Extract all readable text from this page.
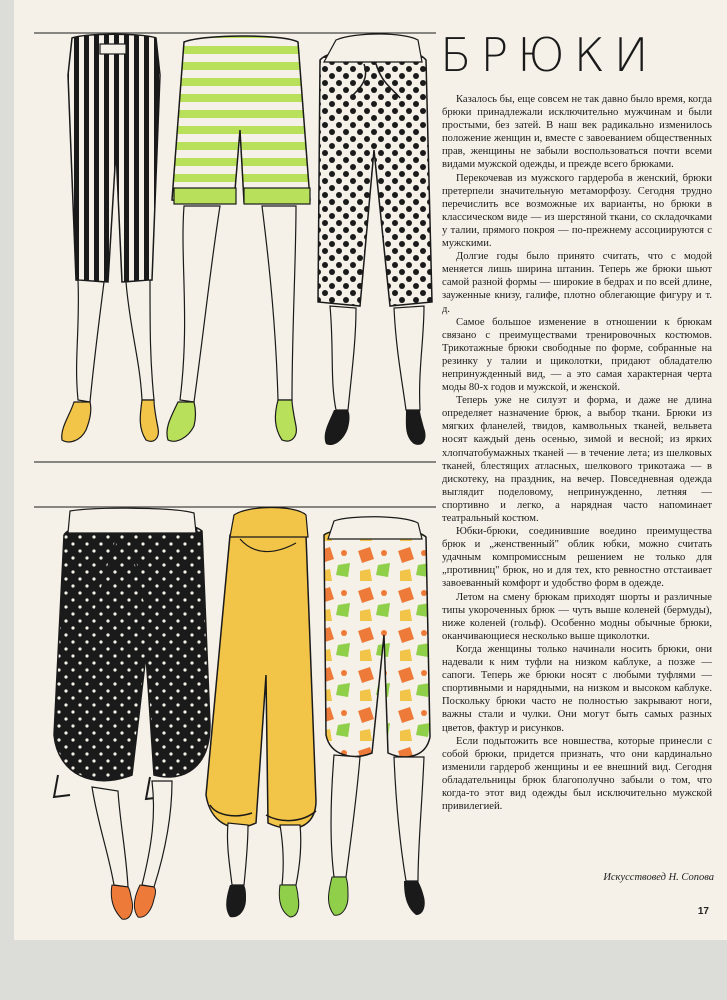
БРЮКИ

Казалось бы, еще совсем не так давно было время, когда брюки принадлежали исключительно мужчинам и были простыми, без затей. В наш век радикально изменилось положение женщин и, вместе с завоеванием общественных прав, женщины не забыли воспользоваться почти всеми видами мужской одежды, и прежде всего брюками.

Перекочевав из мужского гардероба в женский, брюки претерпели значительную метаморфозу. Сегодня трудно перечислить все возможные их варианты, но брюки в классическом виде — из шерстяной ткани, со складочками у талии, прямого покроя — по-прежнему ассоциируются с мужскими.

Долгие годы было принято считать, что с модой меняется лишь ширина штанин. Теперь же брюки шьют самой разной формы — широкие в бедрах и по всей длине, зауженные книзу, галифе, плотно облегающие фигуру и т. д.

Самое большое изменение в отношении к брюкам связано с преимуществами тренировочных костюмов. Трикотажные брюки свободные по форме, собранные на резинку у талии и щиколотки, придают обладателю непринужденный вид, — а это самая характерная черта моды 80-х годов и мужской, и женской.

Теперь уже не силуэт и форма, и даже не длина определяет назначение брюк, а выбор ткани. Брюки из мягких фланелей, твидов, камвольных тканей, вельвета носят каждый день осенью, зимой и весной; из ярких хлопчатобумажных тканей — в течение лета; из шелковых тканей, блестящих атласных, шелкового трикотажа — в дискотеку, на праздник, на вечер. Повседневная одежда выглядит поделовому, непринужденно, летняя — спортивно и легко, а нарядная часто напоминает театральный костюм.

Юбки-брюки, соединившие воедино преимущества брюк и „женственный" облик юбки, можно считать удачным компромиссным решением не только для „противниц" брюк, но и для тех, кто ревностно отстаивает завоеванный комфорт и удобство форм в одежде.

Летом на смену брюкам приходят шорты и различные типы укороченных брюк — чуть выше коленей (бермуды), ниже коленей (гольф). Особенно модны обычные брюки, оканчивающиеся несколько выше щиколотки.

Когда женщины только начинали носить брюки, они надевали к ним туфли на низком каблуке, а позже — сапоги. Теперь же брюки носят с любыми туфлями — спортивными и нарядными, на низком и высоком каблуке. Поскольку брюки часто не полностью закрывают ноги, важны стали и чулки. Они могут быть самых разных цветов, фактур и рисунков.

Если подытожить все новшества, которые принесли с собой брюки, придется признать, что они кардинально изменили гардероб женщины и ее внешний вид. Сегодня обладательницы брюк благополучно забыли о том, что когда-то этот вид одежды был исключительно мужской привилегией.

Искусствовед Н. Сопова
17
